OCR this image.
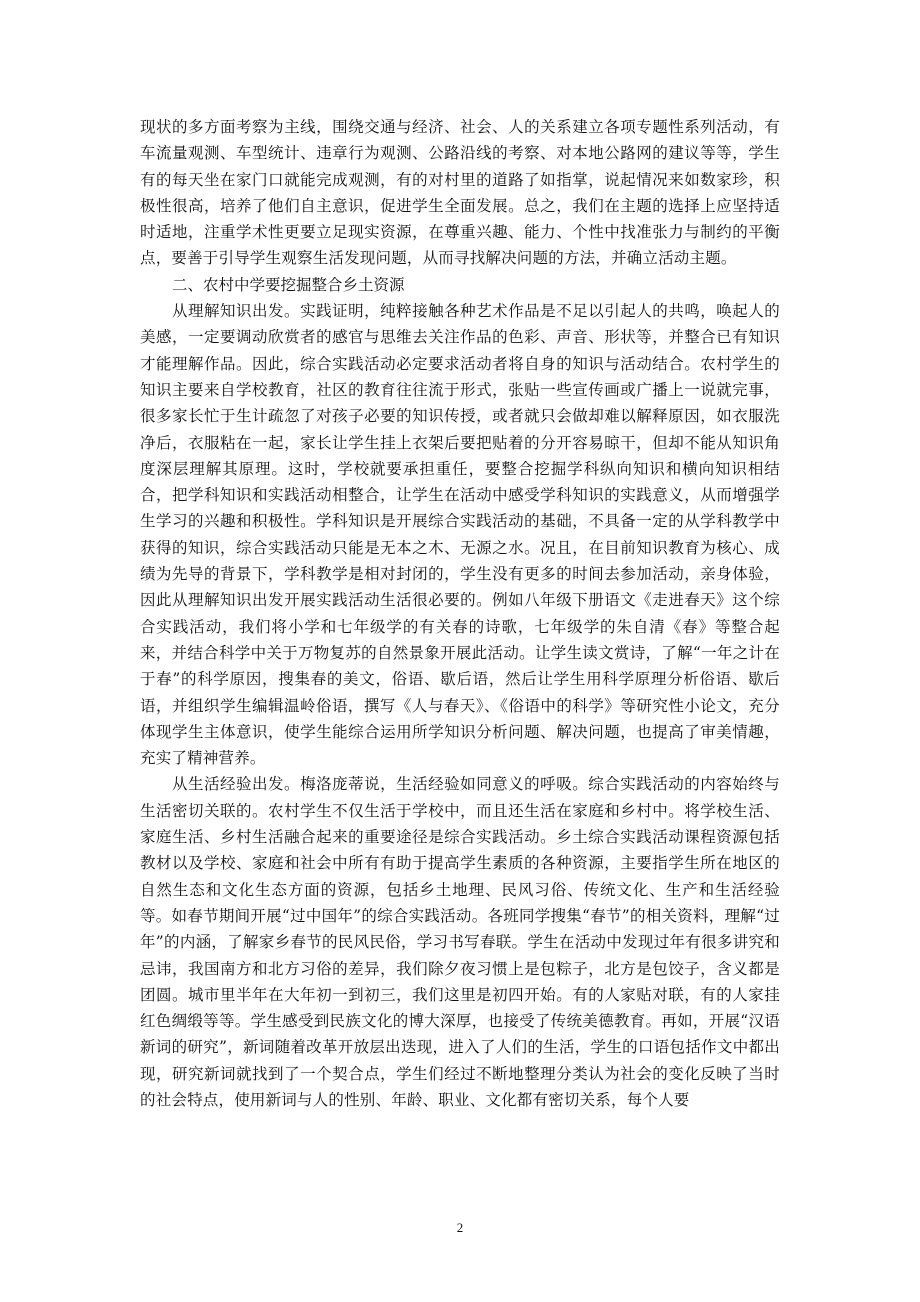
现状的多方面考察为主线，围绕交通与经济、社会、人的关系建立各项专题性系列活动，有车流量观测、车型统计、违章行为观测、公路沿线的考察、对本地公路网的建议等等，学生有的每天坐在家门口就能完成观测，有的对村里的道路了如指掌，说起情况来如数家珍，积极性很高，培养了他们自主意识，促进学生全面发展。总之，我们在主题的选择上应坚持适时适地，注重学术性更要立足现实资源，在尊重兴趣、能力、个性中找准张力与制约的平衡点，要善于引导学生观察生活发现问题，从而寻找解决问题的方法，并确立活动主题。

二、农村中学要挖掘整合乡土资源

从理解知识出发。实践证明，纯粹接触各种艺术作品是不足以引起人的共鸣，唤起人的美感，一定要调动欣赏者的感官与思维去关注作品的色彩、声音、形状等，并整合已有知识才能理解作品。因此，综合实践活动必定要求活动者将自身的知识与活动结合。农村学生的知识主要来自学校教育，社区的教育往往流于形式，张贴一些宣传画或广播上一说就完事，很多家长忙于生计疏忽了对孩子必要的知识传授，或者就只会做却难以解释原因，如衣服洗净后，衣服粘在一起，家长让学生挂上衣架后要把贴着的分开容易晾干，但却不能从知识角度深层理解其原理。这时，学校就要承担重任，要整合挖掘学科纵向知识和横向知识相结合，把学科知识和实践活动相整合，让学生在活动中感受学科知识的实践意义，从而增强学生学习的兴趣和积极性。学科知识是开展综合实践活动的基础，不具备一定的从学科教学中获得的知识，综合实践活动只能是无本之木、无源之水。况且，在目前知识教育为核心、成绩为先导的背景下，学科教学是相对封闭的，学生没有更多的时间去参加活动，亲身体验，因此从理解知识出发开展实践活动生活很必要的。例如八年级下册语文《走进春天》这个综合实践活动，我们将小学和七年级学的有关春的诗歌，七年级学的朱自清《春》等整合起来，并结合科学中关于万物复苏的自然景象开展此活动。让学生读文赏诗，了解“一年之计在于春”的科学原因，搜集春的美文，俗语、歇后语，然后让学生用科学原理分析俗语、歇后语，并组织学生编辑温岭俗语，撰写《人与春天》、《俗语中的科学》等研究性小论文，充分体现学生主体意识，使学生能综合运用所学知识分析问题、解决问题，也提高了审美情趣，充实了精神营养。

从生活经验出发。梅洛庞蒂说，生活经验如同意义的呼吸。综合实践活动的内容始终与生活密切关联的。农村学生不仅生活于学校中，而且还生活在家庭和乡村中。将学校生活、家庭生活、乡村生活融合起来的重要途径是综合实践活动。乡土综合实践活动课程资源包括教材以及学校、家庭和社会中所有有助于提高学生素质的各种资源，主要指学生所在地区的自然生态和文化生态方面的资源，包括乡土地理、民风习俗、传统文化、生产和生活经验等。如春节期间开展“过中国年”的综合实践活动。各班同学搜集“春节”的相关资料，理解“过年”的内涵，了解家乡春节的民风民俗，学习书写春联。学生在活动中发现过年有很多讲究和忌讳，我国南方和北方习俗的差异，我们除夕夜习惯上是包粽子，北方是包饺子，含义都是团圆。城市里半年在大年初一到初三，我们这里是初四开始。有的人家贴对联，有的人家挂红色绸缎等等。学生感受到民族文化的博大深厚，也接受了传统美德教育。再如，开展“汉语新词的研究”，新词随着改革开放层出迭现，进入了人们的生活，学生的口语包括作文中都出现，研究新词就找到了一个契合点，学生们经过不断地整理分类认为社会的变化反映了当时的社会特点，使用新词与人的性别、年龄、职业、文化都有密切关系，每个人要

2
